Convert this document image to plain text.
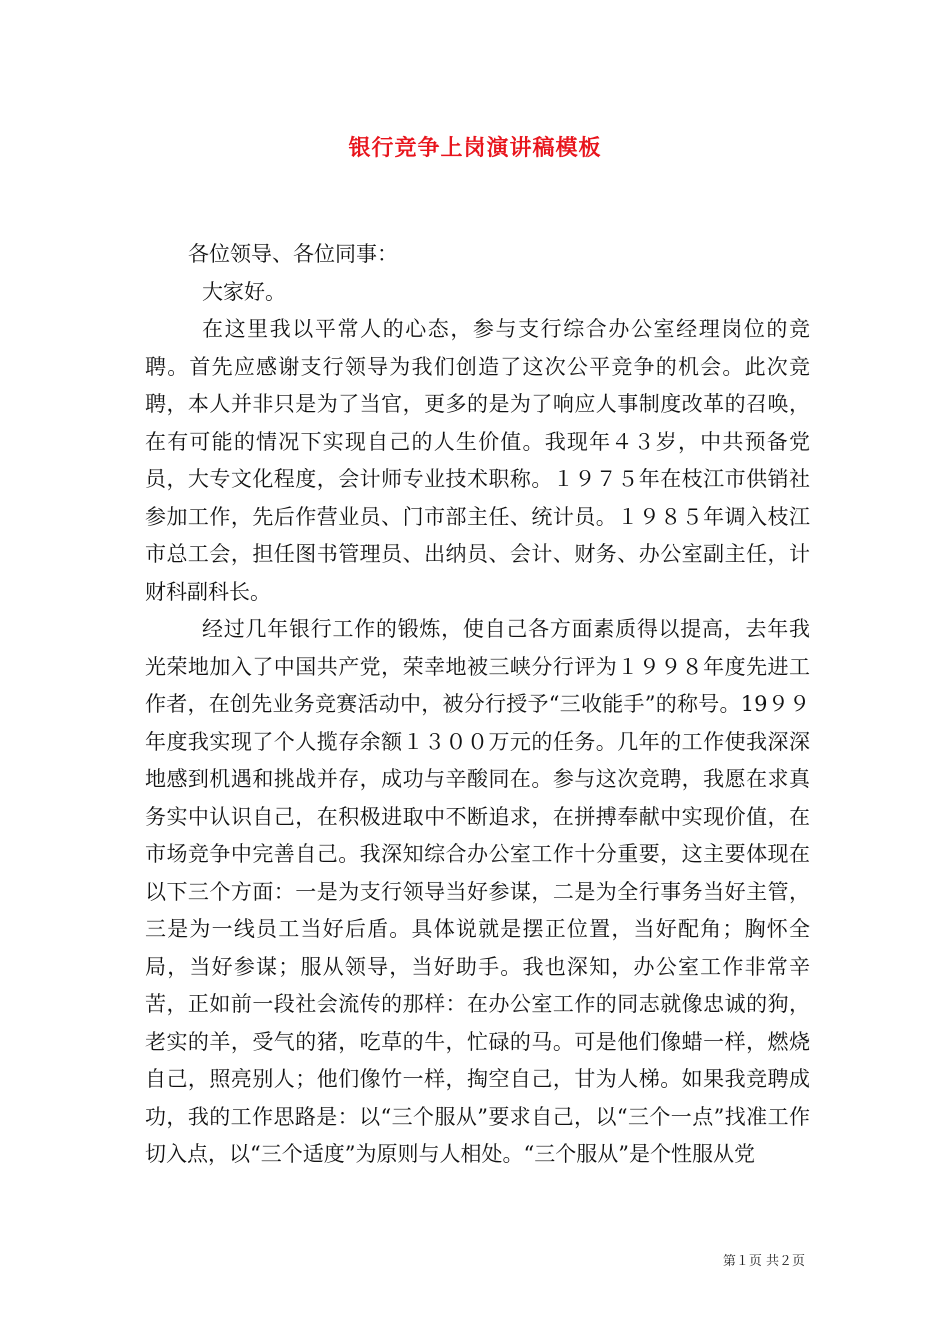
银行竞争上岗演讲稿模板

各位领导、各位同事：

大家好。

在这里我以平常人的心态，参与支行综合办公室经理岗位的竞聘。首先应感谢支行领导为我们创造了这次公平竞争的机会。此次竞聘，本人并非只是为了当官，更多的是为了响应人事制度改革的召唤，在有可能的情况下实现自己的人生价值。我现年４３岁，中共预备党员，大专文化程度，会计师专业技术职称。１９７５年在枝江市供销社参加工作，先后作营业员、门市部主任、统计员。１９８５年调入枝江市总工会，担任图书管理员、出纳员、会计、财务、办公室副主任，计财科副科长。

经过几年银行工作的锻炼，使自己各方面素质得以提高，去年我光荣地加入了中国共产党，荣幸地被三峡分行评为１９９８年度先进工作者，在创先业务竞赛活动中，被分行授予“三收能手”的称号。19９９年度我实现了个人揽存余额１３００万元的任务。几年的工作使我深深地感到机遇和挑战并存，成功与辛酸同在。参与这次竞聘，我愿在求真务实中认识自己，在积极进取中不断追求，在拼搏奉献中实现价值，在市场竞争中完善自己。我深知综合办公室工作十分重要，这主要体现在以下三个方面：一是为支行领导当好参谋，二是为全行事务当好主管，三是为一线员工当好后盾。具体说就是摆正位置，当好配角；胸怀全局，当好参谋；服从领导，当好助手。我也深知，办公室工作非常辛苦，正如前一段社会流传的那样：在办公室工作的同志就像忠诚的狗，老实的羊，受气的猪，吃草的牛，忙碌的马。可是他们像蜡一样，燃烧自己，照亮别人；他们像竹一样，掏空自己，甘为人梯。如果我竞聘成功，我的工作思路是：以“三个服从”要求自己，以“三个一点”找准工作切入点，以“三个适度”为原则与人相处。“三个服从”是个性服从党

第１页 共２页
